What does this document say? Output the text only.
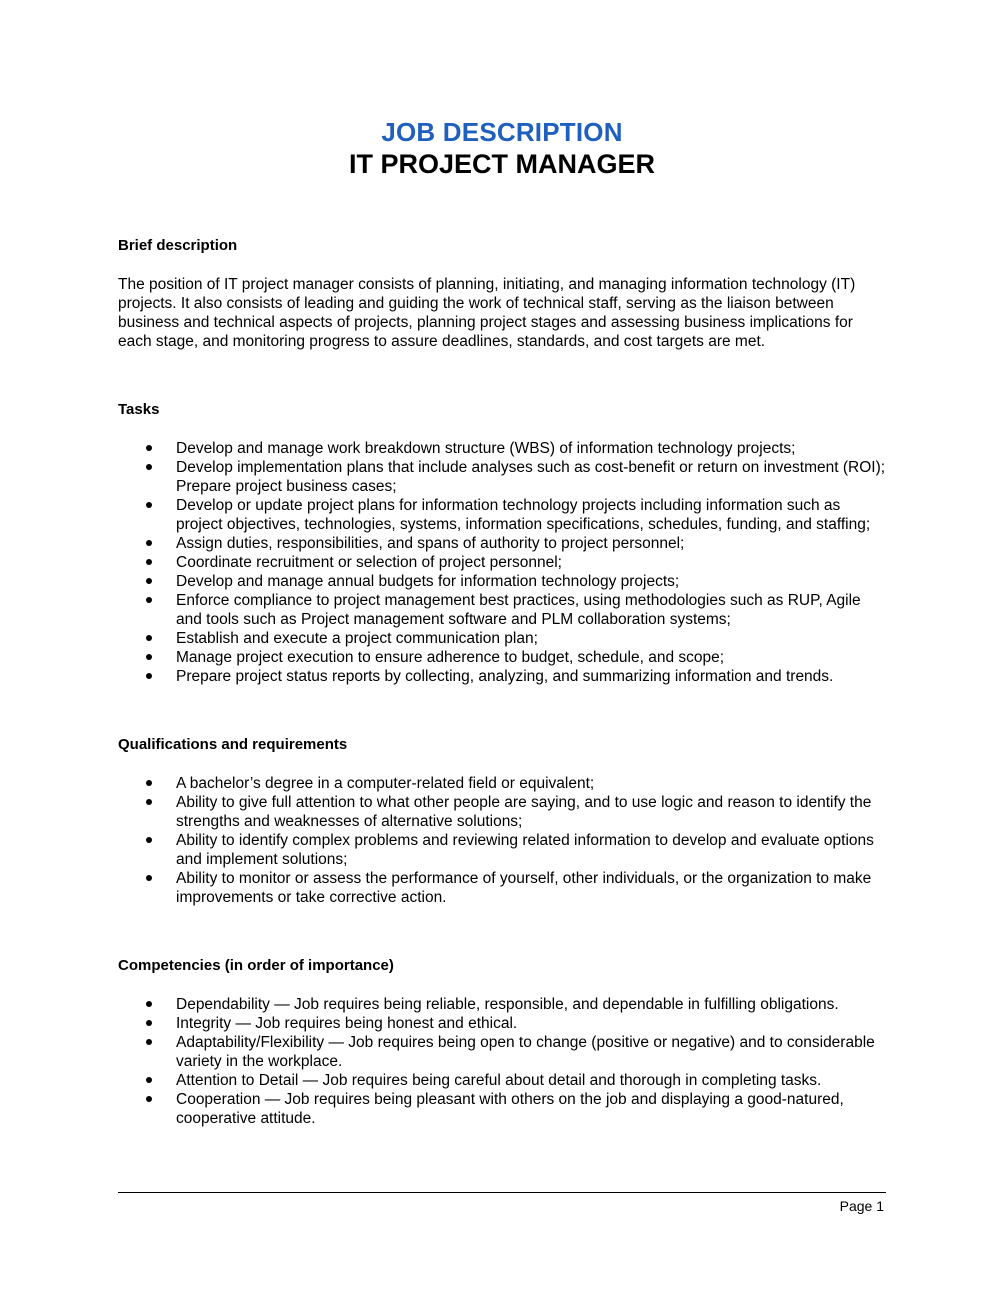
JOB DESCRIPTION
IT PROJECT MANAGER
Brief description

The position of IT project manager consists of planning, initiating, and managing information technology (IT) projects. It also consists of leading and guiding the work of technical staff, serving as the liaison between business and technical aspects of projects, planning project stages and assessing business implications for each stage, and monitoring progress to assure deadlines, standards, and cost targets are met.

Tasks
Develop and manage work breakdown structure (WBS) of information technology projects;
Develop implementation plans that include analyses such as cost-benefit or return on investment (ROI); Prepare project business cases;
Develop or update project plans for information technology projects including information such as project objectives, technologies, systems, information specifications, schedules, funding, and staffing;
Assign duties, responsibilities, and spans of authority to project personnel;
Coordinate recruitment or selection of project personnel;
Develop and manage annual budgets for information technology projects;
Enforce compliance to project management best practices, using methodologies such as RUP, Agile and tools such as Project management software and PLM collaboration systems;
Establish and execute a project communication plan;
Manage project execution to ensure adherence to budget, schedule, and scope;
Prepare project status reports by collecting, analyzing, and summarizing information and trends.
Qualifications and requirements
A bachelor’s degree in a computer-related field or equivalent;
Ability to give full attention to what other people are saying, and to use logic and reason to identify the strengths and weaknesses of alternative solutions;
Ability to identify complex problems and reviewing related information to develop and evaluate options and implement solutions;
Ability to monitor or assess the performance of yourself, other individuals, or the organization to make improvements or take corrective action.
Competencies (in order of importance)
Dependability — Job requires being reliable, responsible, and dependable in fulfilling obligations.
Integrity — Job requires being honest and ethical.
Adaptability/Flexibility — Job requires being open to change (positive or negative) and to considerable variety in the workplace.
Attention to Detail — Job requires being careful about detail and thorough in completing tasks.
Cooperation — Job requires being pleasant with others on the job and displaying a good-natured, cooperative attitude.
Page 1
